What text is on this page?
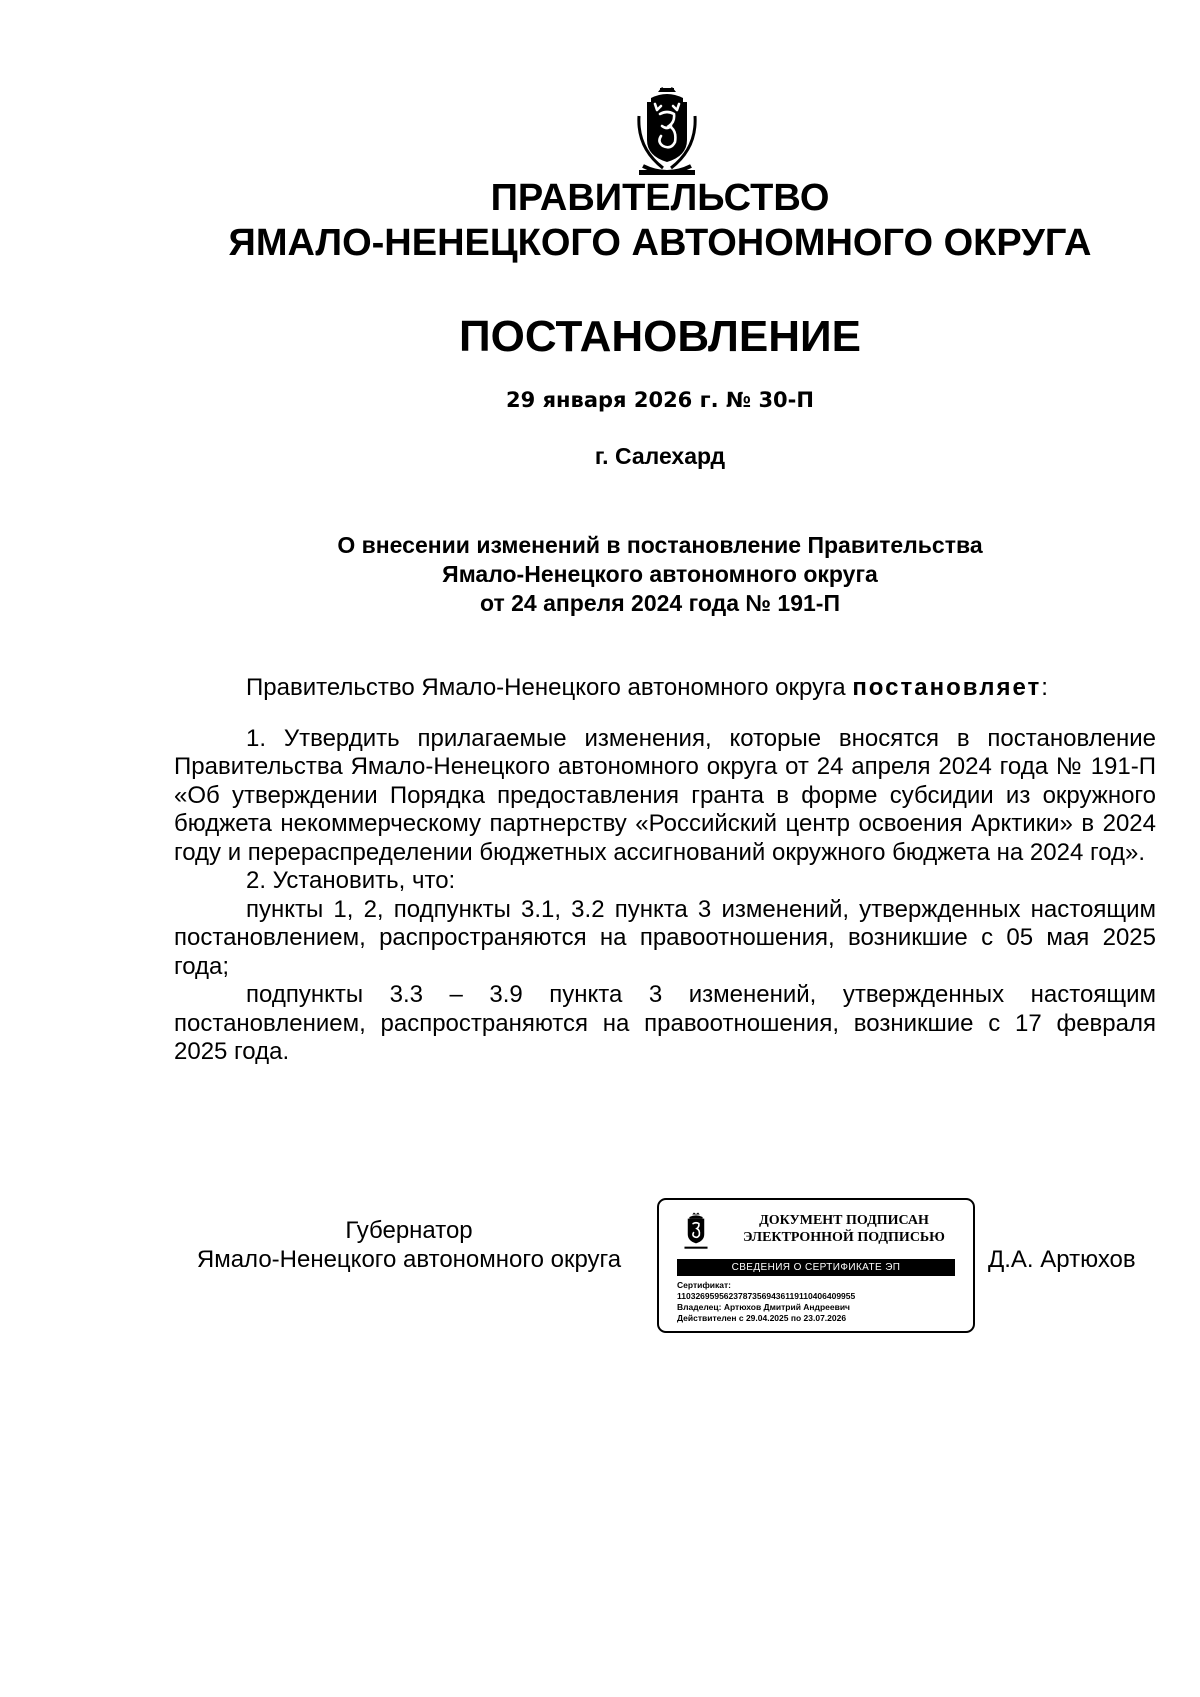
ПРАВИТЕЛЬСТВО
ЯМАЛО-НЕНЕЦКОГО АВТОНОМНОГО ОКРУГА
ПОСТАНОВЛЕНИЕ
29 января 2026 г. № 30-П
г. Салехард
О внесении изменений в постановление Правительства
Ямало-Ненецкого автономного округа
от 24 апреля 2024 года № 191-П

Правительство Ямало-Ненецкого автономного округа постановляет:

1. Утвердить прилагаемые изменения, которые вносятся в постановление Правительства Ямало-Ненецкого автономного округа от 24 апреля 2024 года № 191-П «Об утверждении Порядка предоставления гранта в форме субсидии из окружного бюджета некоммерческому партнерству «Российский центр освоения Арктики» в 2024 году и перераспределении бюджетных ассигнований окружного бюджета на 2024 год».

2. Установить, что:

пункты 1, 2, подпункты 3.1, 3.2 пункта 3 изменений, утвержденных настоящим постановлением, распространяются на правоотношения, возникшие с 05 мая 2025 года;

подпункты 3.3 – 3.9 пункта 3 изменений, утвержденных настоящим постановлением, распространяются на правоотношения, возникшие с 17 февраля 2025 года.

Губернатор
Ямало-Ненецкого автономного округа
ДОКУМЕНТ ПОДПИСАН
ЭЛЕКТРОННОЙ ПОДПИСЬЮ
СВЕДЕНИЯ О СЕРТИФИКАТЕ ЭП
Сертификат:
11032695956237873569436119110406409955
Владелец: Артюхов Дмитрий Андреевич
Действителен с 29.04.2025 по 23.07.2026
Д.А. Артюхов
